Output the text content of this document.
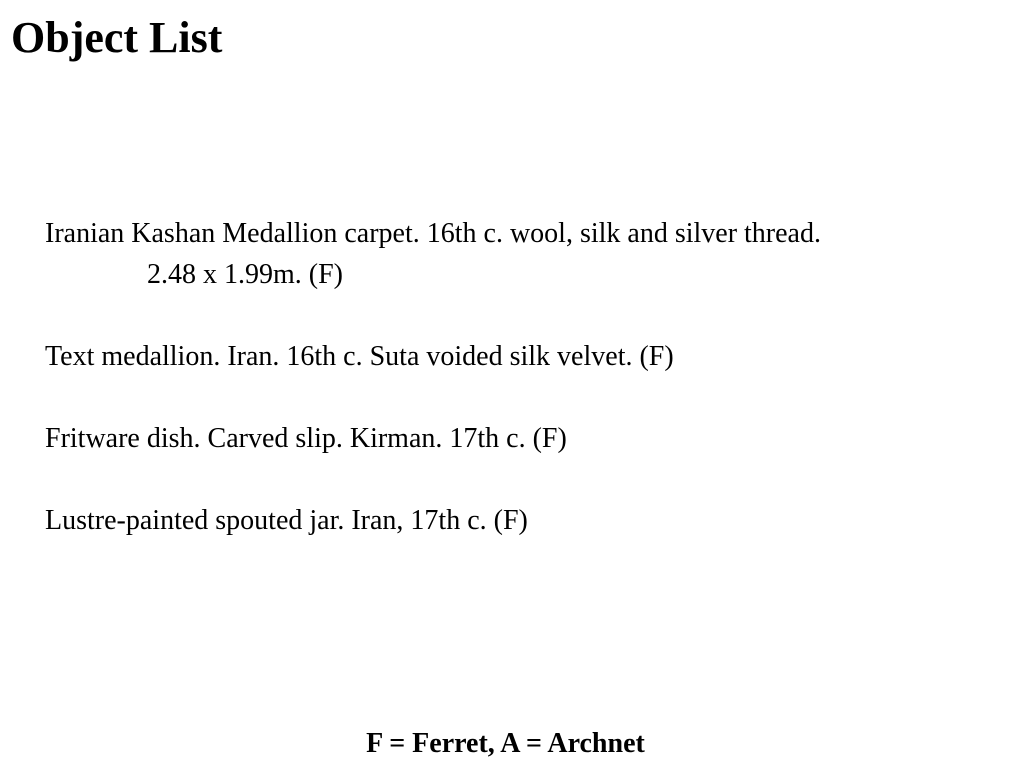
Object List
Iranian Kashan Medallion carpet. 16th c. wool, silk and silver thread.
2.48 x 1.99m. (F)
Text medallion. Iran. 16th c. Suta voided silk velvet. (F)
Fritware dish. Carved slip. Kirman. 17th c. (F)
Lustre-painted spouted jar. Iran, 17th c. (F)

F = Ferret, A = Archnet
